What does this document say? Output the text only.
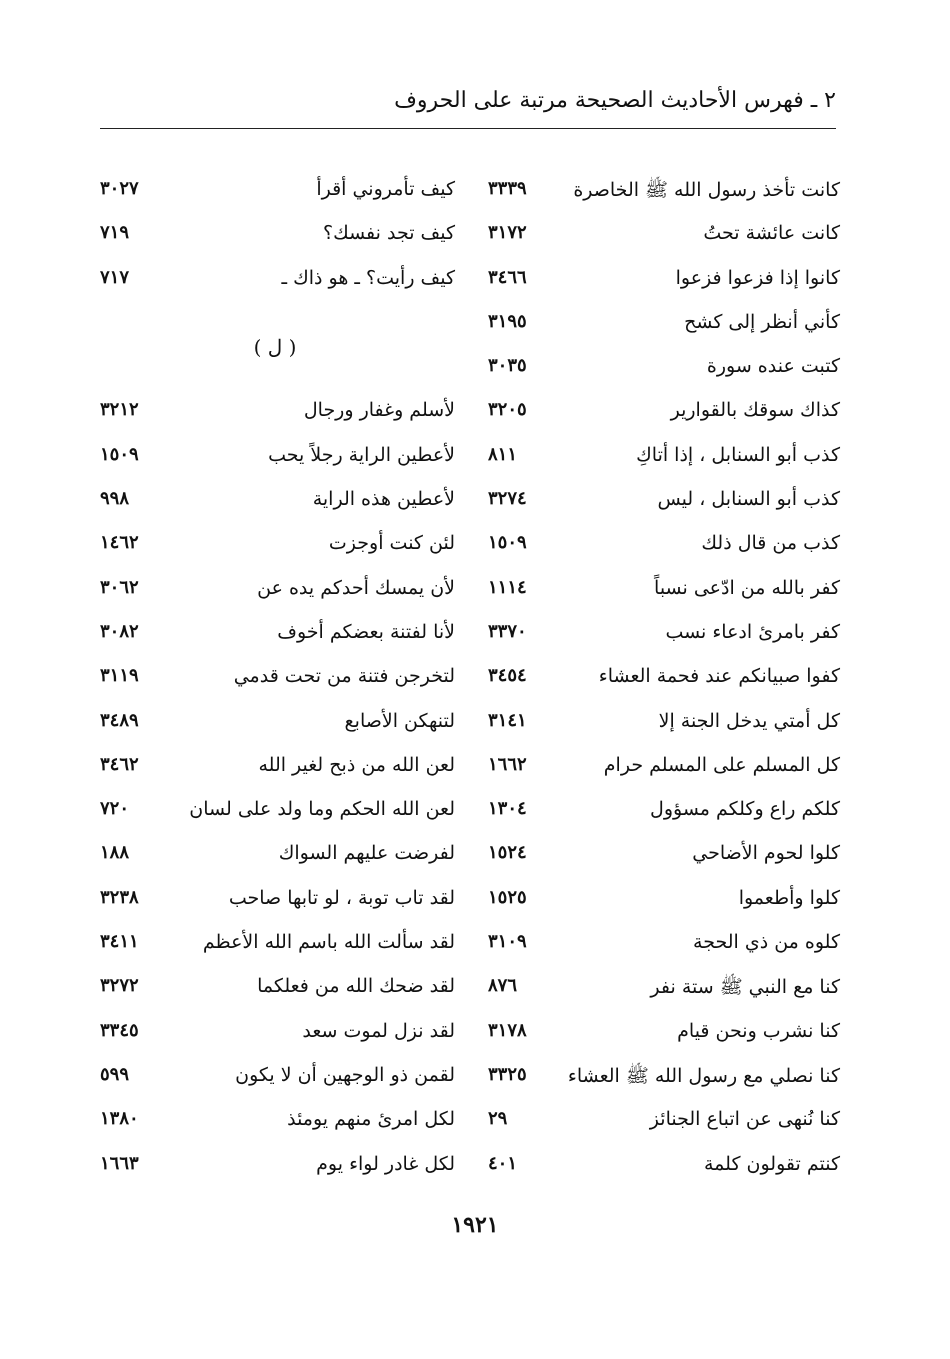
٢ ـ فهرس الأحاديث الصحيحة مرتبة على الحروف
كانت تأخذ رسول الله ﷺ الخاصرة
٣٣٣٩
كانت عائشة تحتُ
٣١٧٢
كانوا إذا فزعوا فزعوا
٣٤٦٦
كأني أنظر إلى كشح
٣١٩٥
كتبت عنده سورة
٣٠٣٥
كذاك سوقك بالقوارير
٣٢٠٥
كذب أبو السنابل ، إذا أتاكِ
٨١١
كذب أبو السنابل ، ليس
٣٢٧٤
كذب من قال ذلك
١٥٠٩
كفر بالله من ادّعى نسباً
١١١٤
كفر بامرئ ادعاء نسب
٣٣٧٠
كفوا صبيانكم عند فحمة العشاء
٣٤٥٤
كل أمتي يدخل الجنة إلا
٣١٤١
كل المسلم على المسلم حرام
١٦٦٢
كلكم راع وكلكم مسؤول
١٣٠٤
كلوا لحوم الأضاحي
١٥٢٤
كلوا وأطعموا
١٥٢٥
كلوه من ذي الحجة
٣١٠٩
كنا مع النبي ﷺ ستة نفر
٨٧٦
كنا نشرب ونحن قيام
٣١٧٨
كنا نصلي مع رسول الله ﷺ العشاء
٣٣٢٥
كنا نُنهى عن اتباع الجنائز
٢٩
كنتم تقولون كلمة
٤٠١
كيف تأمروني أقرأ
٣٠٢٧
كيف تجد نفسك؟
٧١٩
كيف رأيت؟ ـ هو ذاك ـ
٧١٧
لأسلم وغفار ورجال
٣٢١٢
لأعطين الراية رجلاً يحب
١٥٠٩
لأعطين هذه الراية
٩٩٨
لئن كنت أوجزت
١٤٦٢
لأن يمسك أحدكم يده عن
٣٠٦٢
لأنا لفتنة بعضكم أخوف
٣٠٨٢
لتخرجن فتنة من تحت قدمي
٣١١٩
لتنهكن الأصابع
٣٤٨٩
لعن الله من ذبح لغير الله
٣٤٦٢
لعن الله الحكم وما ولد على لسان
٧٢٠
لفرضت عليهم السواك
١٨٨
لقد تاب توبة ، لو تابها صاحب
٣٢٣٨
لقد سألت الله باسم الله الأعظم
٣٤١١
لقد ضحك الله من فعلكما
٣٢٧٢
لقد نزل لموت سعد
٣٣٤٥
لقمن ذو الوجهين أن لا يكون
٥٩٩
لكل امرئ منهم يومئذ
١٣٨٠
لكل غادر لواء يوم
١٦٦٣
( ل )
١٩٢١
